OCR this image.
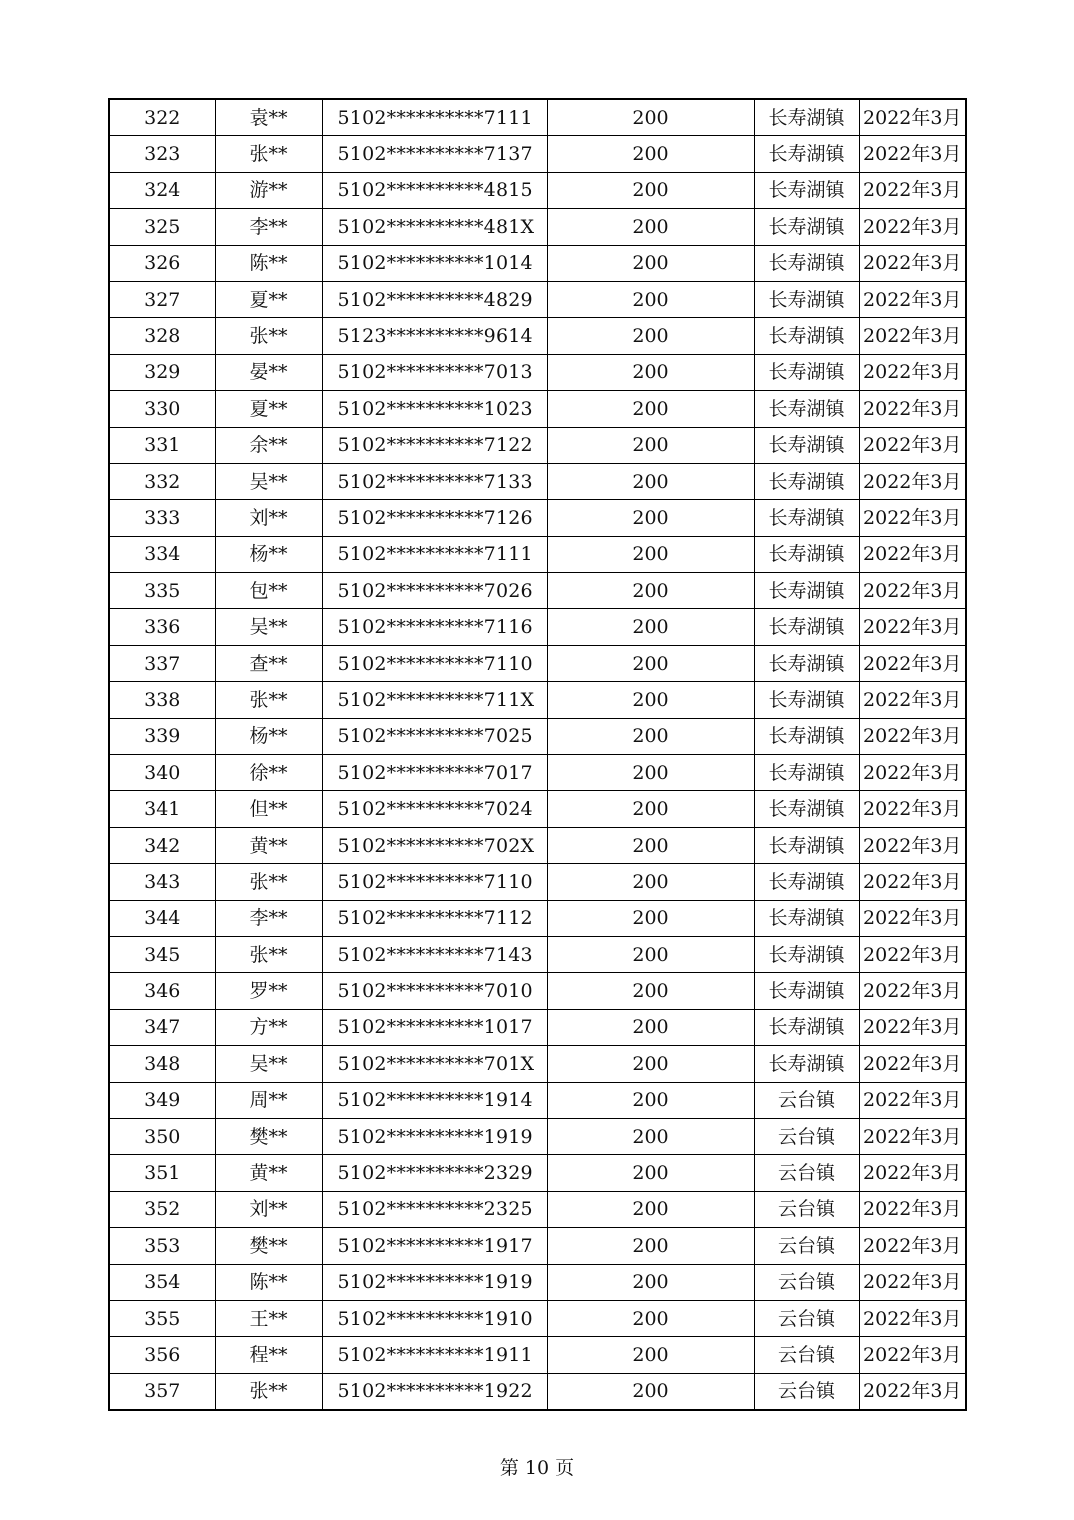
322	袁**	5102**********7111	200	长寿湖镇	2022年3月
323	张**	5102**********7137	200	长寿湖镇	2022年3月
324	游**	5102**********4815	200	长寿湖镇	2022年3月
325	李**	5102**********481X	200	长寿湖镇	2022年3月
326	陈**	5102**********1014	200	长寿湖镇	2022年3月
327	夏**	5102**********4829	200	长寿湖镇	2022年3月
328	张**	5123**********9614	200	长寿湖镇	2022年3月
329	晏**	5102**********7013	200	长寿湖镇	2022年3月
330	夏**	5102**********1023	200	长寿湖镇	2022年3月
331	余**	5102**********7122	200	长寿湖镇	2022年3月
332	吴**	5102**********7133	200	长寿湖镇	2022年3月
333	刘**	5102**********7126	200	长寿湖镇	2022年3月
334	杨**	5102**********7111	200	长寿湖镇	2022年3月
335	包**	5102**********7026	200	长寿湖镇	2022年3月
336	吴**	5102**********7116	200	长寿湖镇	2022年3月
337	查**	5102**********7110	200	长寿湖镇	2022年3月
338	张**	5102**********711X	200	长寿湖镇	2022年3月
339	杨**	5102**********7025	200	长寿湖镇	2022年3月
340	徐**	5102**********7017	200	长寿湖镇	2022年3月
341	但**	5102**********7024	200	长寿湖镇	2022年3月
342	黄**	5102**********702X	200	长寿湖镇	2022年3月
343	张**	5102**********7110	200	长寿湖镇	2022年3月
344	李**	5102**********7112	200	长寿湖镇	2022年3月
345	张**	5102**********7143	200	长寿湖镇	2022年3月
346	罗**	5102**********7010	200	长寿湖镇	2022年3月
347	方**	5102**********1017	200	长寿湖镇	2022年3月
348	吴**	5102**********701X	200	长寿湖镇	2022年3月
349	周**	5102**********1914	200	云台镇	2022年3月
350	樊**	5102**********1919	200	云台镇	2022年3月
351	黄**	5102**********2329	200	云台镇	2022年3月
352	刘**	5102**********2325	200	云台镇	2022年3月
353	樊**	5102**********1917	200	云台镇	2022年3月
354	陈**	5102**********1919	200	云台镇	2022年3月
355	王**	5102**********1910	200	云台镇	2022年3月
356	程**	5102**********1911	200	云台镇	2022年3月
357	张**	5102**********1922	200	云台镇	2022年3月
第 10 页
